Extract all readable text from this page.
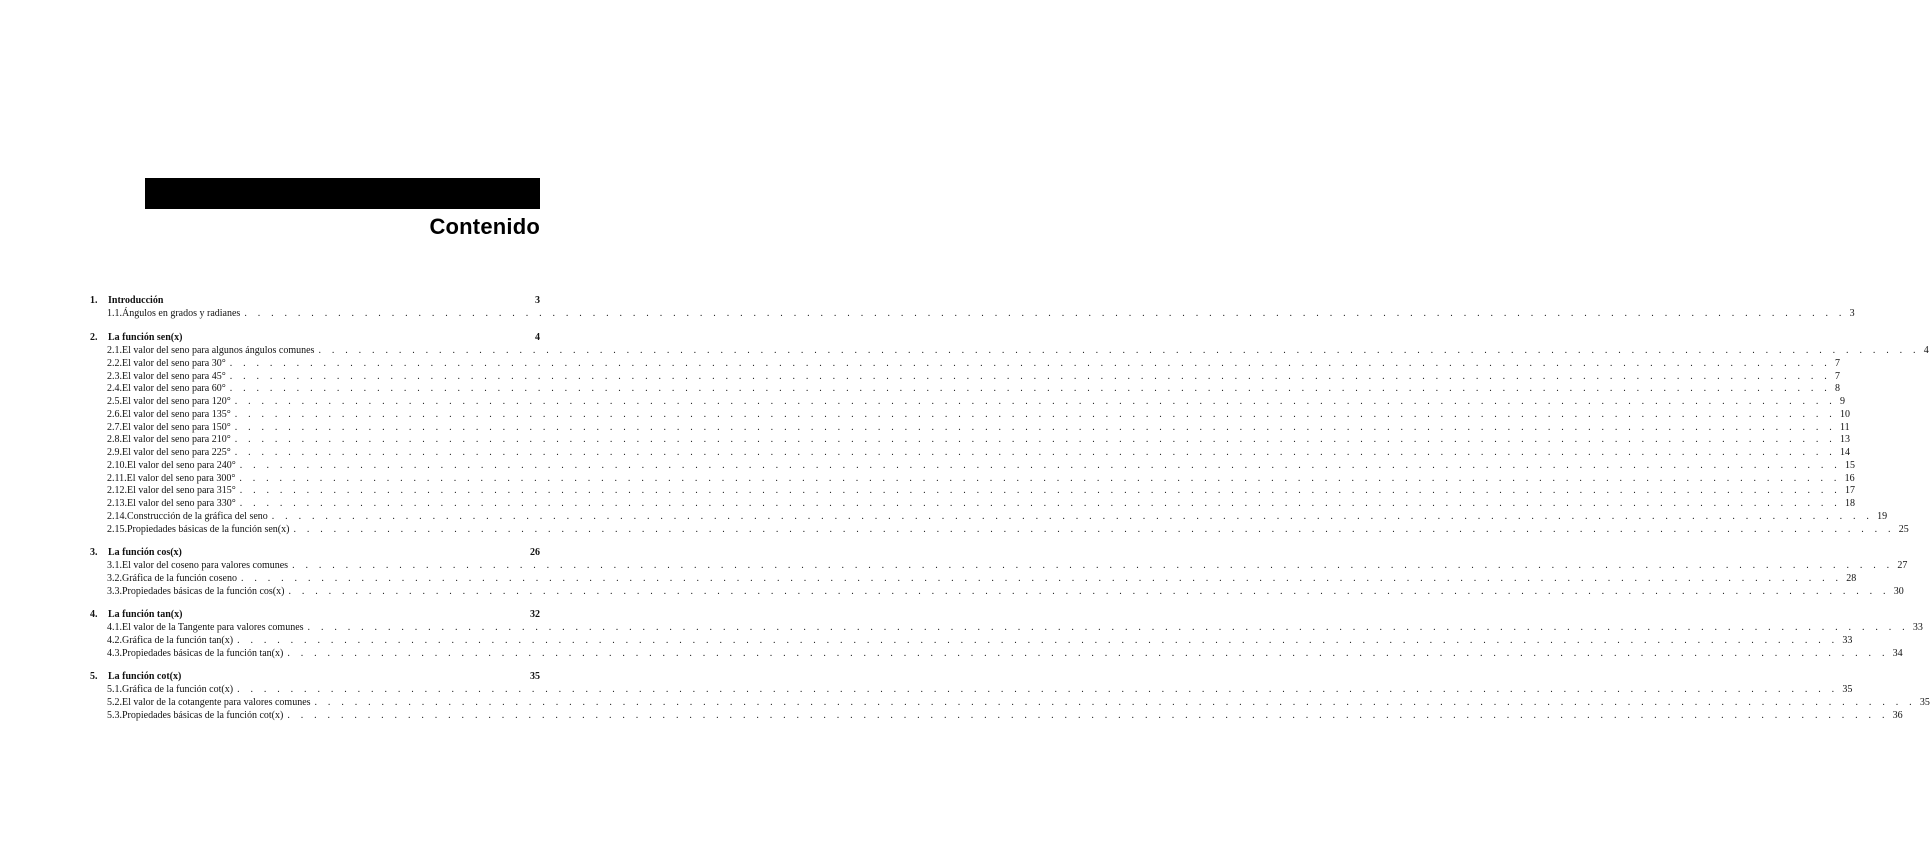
Contenido
1.	Introducción	3
1.1. Ángulos en grados y radianes . . . . . . . . . . . . . . . . . . . . . . . . . . . . . . . . . . . . . . . . . . . . . . . . . . . . . . . . . . . . . . . . . . . . . . . . . . . . . . . . . . . . . . . . . . . . . . . . . . . . . . . . . . . . . . . . . . . . . . . . 3
2.	La función sen(x)	4
2.1. El valor del seno para algunos ángulos comunes . . . . . . . . . . . . . . . . . . . . . . . . . . . . . . . . . . . . . . . . . . . . . . . . . . . . . . . . . . . . . . . . . . . . . . . . . . . . . . . . . . . . . . . . . . . . . . . . . . . . . . . . . . . . . . . . . . . . . . . . 4
2.2. El valor del seno para 30° . . . . . . . . . . . . . . . . . . . . . . . . . . . . . . . . . . . . . . . . . . . . . . . . . . . . . . . . . . . . . . . . . . . . . . . . . . . . . . . . . . . . . . . . . . . . . . . . . . . . . . . . . . . . . . . . . . . . . . . . 7
2.3. El valor del seno para 45° . . . . . . . . . . . . . . . . . . . . . . . . . . . . . . . . . . . . . . . . . . . . . . . . . . . . . . . . . . . . . . . . . . . . . . . . . . . . . . . . . . . . . . . . . . . . . . . . . . . . . . . . . . . . . . . . . . . . . . . . 7
2.4. El valor del seno para 60° . . . . . . . . . . . . . . . . . . . . . . . . . . . . . . . . . . . . . . . . . . . . . . . . . . . . . . . . . . . . . . . . . . . . . . . . . . . . . . . . . . . . . . . . . . . . . . . . . . . . . . . . . . . . . . . . . . . . . . . . 8
2.5. El valor del seno para 120° . . . . . . . . . . . . . . . . . . . . . . . . . . . . . . . . . . . . . . . . . . . . . . . . . . . . . . . . . . . . . . . . . . . . . . . . . . . . . . . . . . . . . . . . . . . . . . . . . . . . . . . . . . . . . . . . . . . . . . . . 9
2.6. El valor del seno para 135° . . . . . . . . . . . . . . . . . . . . . . . . . . . . . . . . . . . . . . . . . . . . . . . . . . . . . . . . . . . . . . . . . . . . . . . . . . . . . . . . . . . . . . . . . . . . . . . . . . . . . . . . . . . . . . . . . . . . . . . . 10
2.7. El valor del seno para 150° . . . . . . . . . . . . . . . . . . . . . . . . . . . . . . . . . . . . . . . . . . . . . . . . . . . . . . . . . . . . . . . . . . . . . . . . . . . . . . . . . . . . . . . . . . . . . . . . . . . . . . . . . . . . . . . . . . . . . . . . 11
2.8. El valor del seno para 210° . . . . . . . . . . . . . . . . . . . . . . . . . . . . . . . . . . . . . . . . . . . . . . . . . . . . . . . . . . . . . . . . . . . . . . . . . . . . . . . . . . . . . . . . . . . . . . . . . . . . . . . . . . . . . . . . . . . . . . . . 13
2.9. El valor del seno para 225° . . . . . . . . . . . . . . . . . . . . . . . . . . . . . . . . . . . . . . . . . . . . . . . . . . . . . . . . . . . . . . . . . . . . . . . . . . . . . . . . . . . . . . . . . . . . . . . . . . . . . . . . . . . . . . . . . . . . . . . . 14
2.10. El valor del seno para 240° . . . . . . . . . . . . . . . . . . . . . . . . . . . . . . . . . . . . . . . . . . . . . . . . . . . . . . . . . . . . . . . . . . . . . . . . . . . . . . . . . . . . . . . . . . . . . . . . . . . . . . . . . . . . . . . . . . . . . . . . 15
2.11. El valor del seno para 300° . . . . . . . . . . . . . . . . . . . . . . . . . . . . . . . . . . . . . . . . . . . . . . . . . . . . . . . . . . . . . . . . . . . . . . . . . . . . . . . . . . . . . . . . . . . . . . . . . . . . . . . . . . . . . . . . . . . . . . . . 16
2.12. El valor del seno para 315° . . . . . . . . . . . . . . . . . . . . . . . . . . . . . . . . . . . . . . . . . . . . . . . . . . . . . . . . . . . . . . . . . . . . . . . . . . . . . . . . . . . . . . . . . . . . . . . . . . . . . . . . . . . . . . . . . . . . . . . . 17
2.13. El valor del seno para 330° . . . . . . . . . . . . . . . . . . . . . . . . . . . . . . . . . . . . . . . . . . . . . . . . . . . . . . . . . . . . . . . . . . . . . . . . . . . . . . . . . . . . . . . . . . . . . . . . . . . . . . . . . . . . . . . . . . . . . . . . 18
2.14. Construcción de la gráfica del seno . . . . . . . . . . . . . . . . . . . . . . . . . . . . . . . . . . . . . . . . . . . . . . . . . . . . . . . . . . . . . . . . . . . . . . . . . . . . . . . . . . . . . . . . . . . . . . . . . . . . . . . . . . . . . . . . . . . . . . . . 19
2.15. Propiedades básicas de la función sen(x) . . . . . . . . . . . . . . . . . . . . . . . . . . . . . . . . . . . . . . . . . . . . . . . . . . . . . . . . . . . . . . . . . . . . . . . . . . . . . . . . . . . . . . . . . . . . . . . . . . . . . . . . . . . . . . . . . . . . . . . . 25
3.	La función cos(x)	26
3.1. El valor del coseno para valores comunes . . . . . . . . . . . . . . . . . . . . . . . . . . . . . . . . . . . . . . . . . . . . . . . . . . . . . . . . . . . . . . . . . . . . . . . . . . . . . . . . . . . . . . . . . . . . . . . . . . . . . . . . . . . . . . . . . . . . . . . . 27
3.2. Gráfica de la función coseno . . . . . . . . . . . . . . . . . . . . . . . . . . . . . . . . . . . . . . . . . . . . . . . . . . . . . . . . . . . . . . . . . . . . . . . . . . . . . . . . . . . . . . . . . . . . . . . . . . . . . . . . . . . . . . . . . . . . . . . . 28
3.3. Propiedades básicas de la función cos(x) . . . . . . . . . . . . . . . . . . . . . . . . . . . . . . . . . . . . . . . . . . . . . . . . . . . . . . . . . . . . . . . . . . . . . . . . . . . . . . . . . . . . . . . . . . . . . . . . . . . . . . . . . . . . . . . . . . . . . . . . 30
4.	La función tan(x)	32
4.1. El valor de la Tangente para valores comunes . . . . . . . . . . . . . . . . . . . . . . . . . . . . . . . . . . . . . . . . . . . . . . . . . . . . . . . . . . . . . . . . . . . . . . . . . . . . . . . . . . . . . . . . . . . . . . . . . . . . . . . . . . . . . . . . . . . . . . . . 33
4.2. Gráfica de la función tan(x) . . . . . . . . . . . . . . . . . . . . . . . . . . . . . . . . . . . . . . . . . . . . . . . . . . . . . . . . . . . . . . . . . . . . . . . . . . . . . . . . . . . . . . . . . . . . . . . . . . . . . . . . . . . . . . . . . . . . . . . . 33
4.3. Propiedades básicas de la función tan(x) . . . . . . . . . . . . . . . . . . . . . . . . . . . . . . . . . . . . . . . . . . . . . . . . . . . . . . . . . . . . . . . . . . . . . . . . . . . . . . . . . . . . . . . . . . . . . . . . . . . . . . . . . . . . . . . . . . . . . . . . 34
5.	La función cot(x)	35
5.1. Gráfica de la función cot(x) . . . . . . . . . . . . . . . . . . . . . . . . . . . . . . . . . . . . . . . . . . . . . . . . . . . . . . . . . . . . . . . . . . . . . . . . . . . . . . . . . . . . . . . . . . . . . . . . . . . . . . . . . . . . . . . . . . . . . . . . 35
5.2. El valor de la cotangente para valores comunes . . . . . . . . . . . . . . . . . . . . . . . . . . . . . . . . . . . . . . . . . . . . . . . . . . . . . . . . . . . . . . . . . . . . . . . . . . . . . . . . . . . . . . . . . . . . . . . . . . . . . . . . . . . . . . . . . . . . . . . . 35
5.3. Propiedades básicas de la función cot(x) . . . . . . . . . . . . . . . . . . . . . . . . . . . . . . . . . . . . . . . . . . . . . . . . . . . . . . . . . . . . . . . . . . . . . . . . . . . . . . . . . . . . . . . . . . . . . . . . . . . . . . . . . . . . . . . . . . . . . . . . 36
